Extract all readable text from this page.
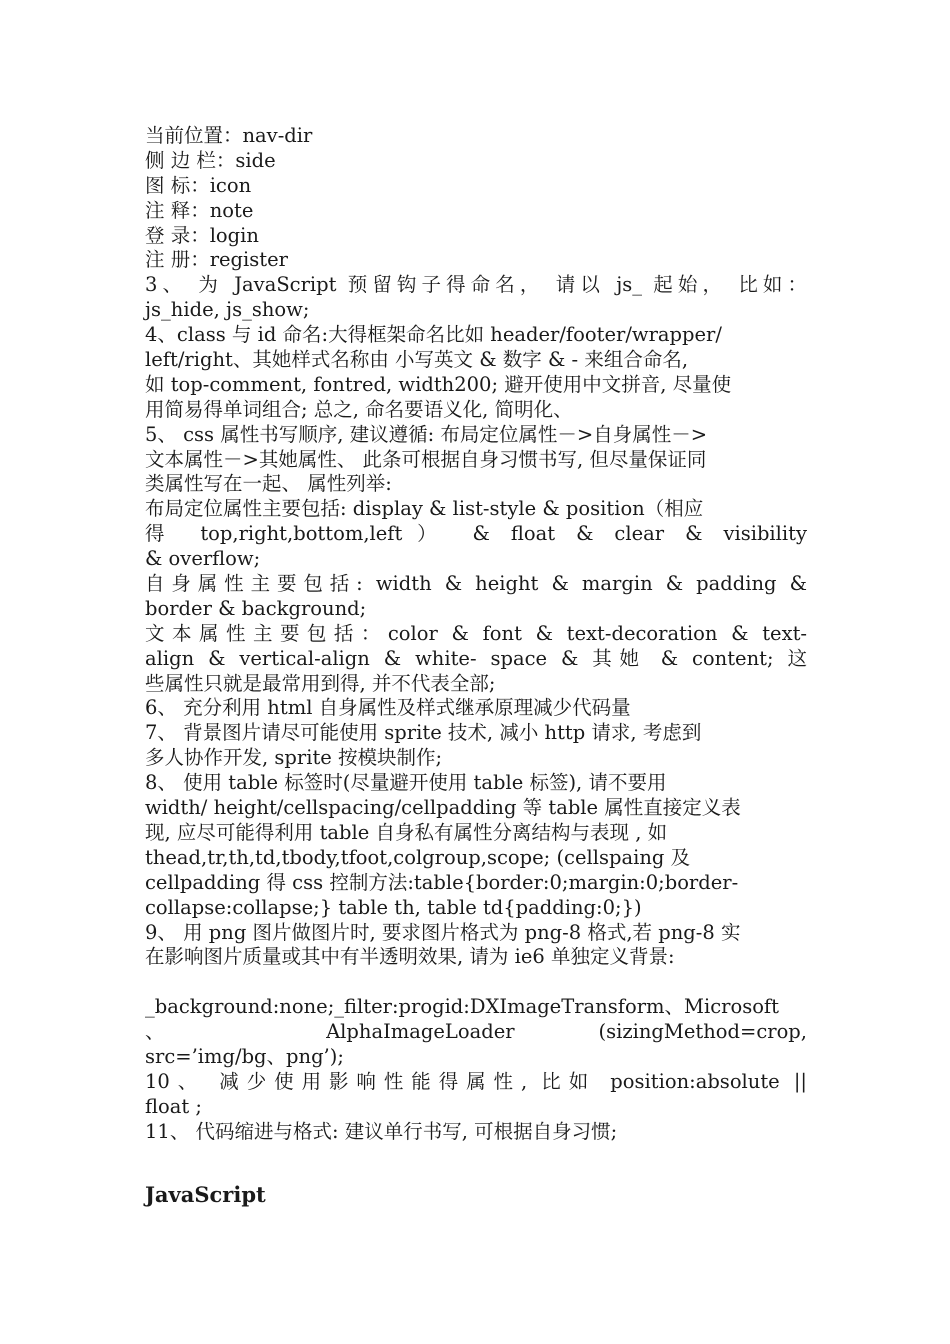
当前位置：nav-dir
侧 边 栏：side
图 标：icon
注 释：note
登 录：login
注 册：register
3、 为 JavaScript 预留钩子得命名， 请以 js_ 起始， 比如：
js_hide, js_show;
4、class 与 id 命名:大得框架命名比如 header/footer/wrapper/
left/right、其她样式名称由 小写英文 & 数字 & - 来组合命名,
如 top-comment, fontred, width200; 避开使用中文拼音, 尽量使
用简易得单词组合; 总之, 命名要语义化, 简明化、
5、 css 属性书写顺序, 建议遵循: 布局定位属性－>自身属性－>
文本属性－>其她属性、 此条可根据自身习惯书写, 但尽量保证同
类属性写在一起、 属性列举:
布局定位属性主要包括: display & list-style & position（相应
得 top,right,bottom,left） & float & clear & visibility
& overflow;
自身属性主要包括: width & height & margin & padding &
border & background;
文本属性主要包括：color & font & text-decoration & text-
align & vertical-align & white- space & 其她 & content; 这
些属性只就是最常用到得, 并不代表全部;
6、 充分利用 html 自身属性及样式继承原理减少代码量
7、 背景图片请尽可能使用 sprite 技术, 减小 http 请求, 考虑到
多人协作开发, sprite 按模块制作;
8、 使用 table 标签时(尽量避开使用 table 标签), 请不要用
width/ height/cellspacing/cellpadding 等 table 属性直接定义表
现, 应尽可能得利用 table 自身私有属性分离结构与表现 , 如
thead,tr,th,td,tbody,tfoot,colgroup,scope; (cellspaing 及
cellpadding 得 css 控制方法:table{border:0;margin:0;border-
collapse:collapse;} table th, table td{padding:0;})
9、 用 png 图片做图片时, 要求图片格式为 png-8 格式,若 png-8 实
在影响图片质量或其中有半透明效果, 请为 ie6 单独定义背景:
_background:none;_filter:progid:DXImageTransform、Microsoft
、 AlphaImageLoader (sizingMethod=crop,
src=’img/bg、png’);
10、 减少使用影响性能得属性, 比如 position:absolute ||
float ;
11、 代码缩进与格式: 建议单行书写, 可根据自身习惯;
JavaScript
